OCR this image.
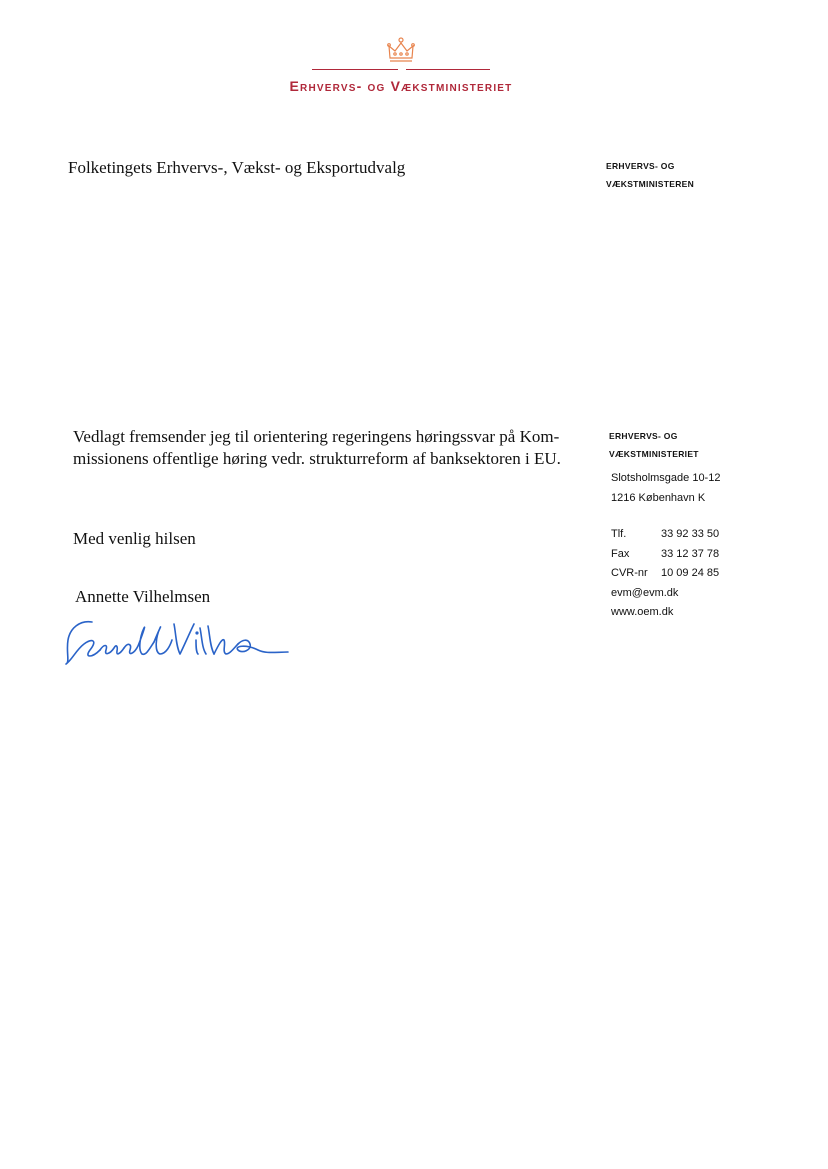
Erhvervs- og Vækstministeriet
Folketingets Erhvervs-, Vækst- og Eksportudvalg	ERHVERVS- OG
VÆKSTMINISTEREN
Vedlagt fremsender jeg til orientering regeringens høringssvar på Kom-
missionens offentlige høring vedr. strukturreform af banksektoren i EU.
Med venlig hilsen
Annette Vilhelmsen
ERHVERVS- OG
VÆKSTMINISTERIET
Slotsholmsgade 10-12
1216 København K
Tlf.	33 92 33 50
Fax	33 12 37 78
CVR-nr	10 09 24 85
evm@evm.dk
www.oem.dk
